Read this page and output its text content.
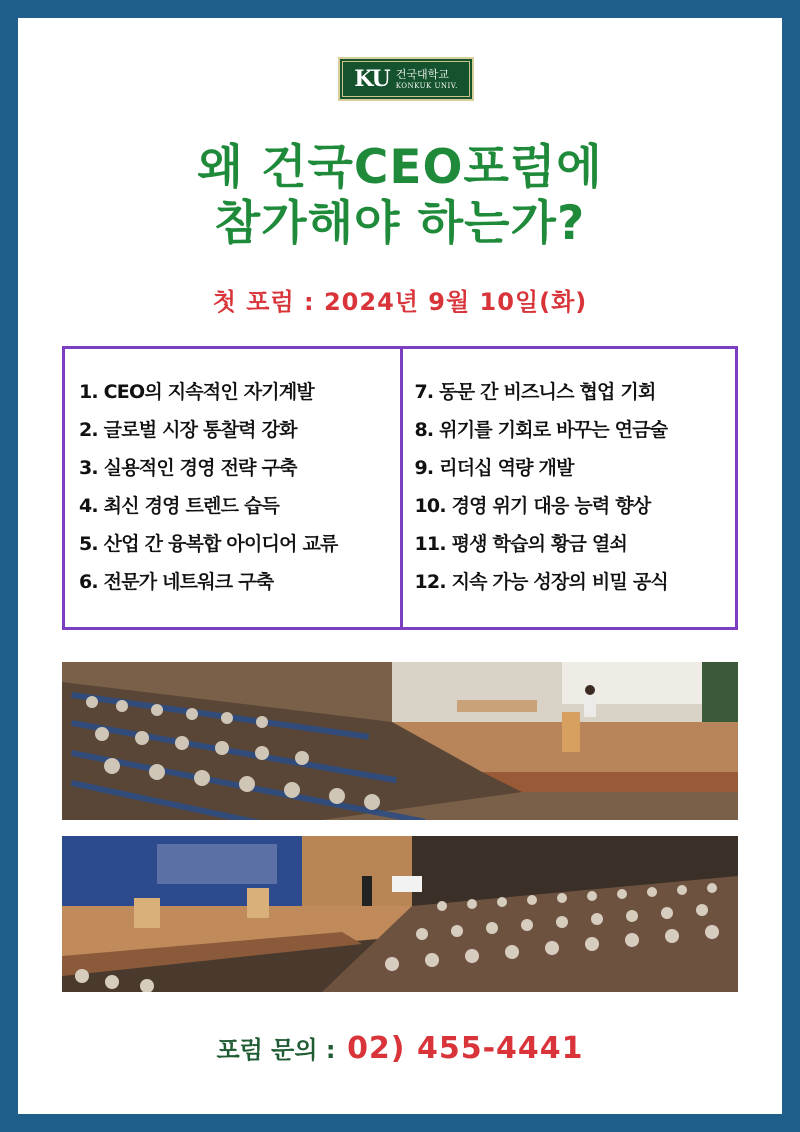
KU 건국대학교
KONKUK UNIV.
왜 건국CEO포럼에
참가해야 하는가?
첫 포럼 : 2024년 9월 10일(화)
1. CEO의 지속적인 자기계발
2. 글로벌 시장 통찰력 강화
3. 실용적인 경영 전략 구축
4. 최신 경영 트렌드 습득
5. 산업 간 융복합 아이디어 교류
6. 전문가 네트워크 구축
7. 동문 간 비즈니스 협업 기회
8. 위기를 기회로 바꾸는 연금술
9. 리더십 역량 개발
10. 경영 위기 대응 능력 향상
11. 평생 학습의 황금 열쇠
12. 지속 가능 성장의 비밀 공식
포럼 문의 : 02) 455-4441
